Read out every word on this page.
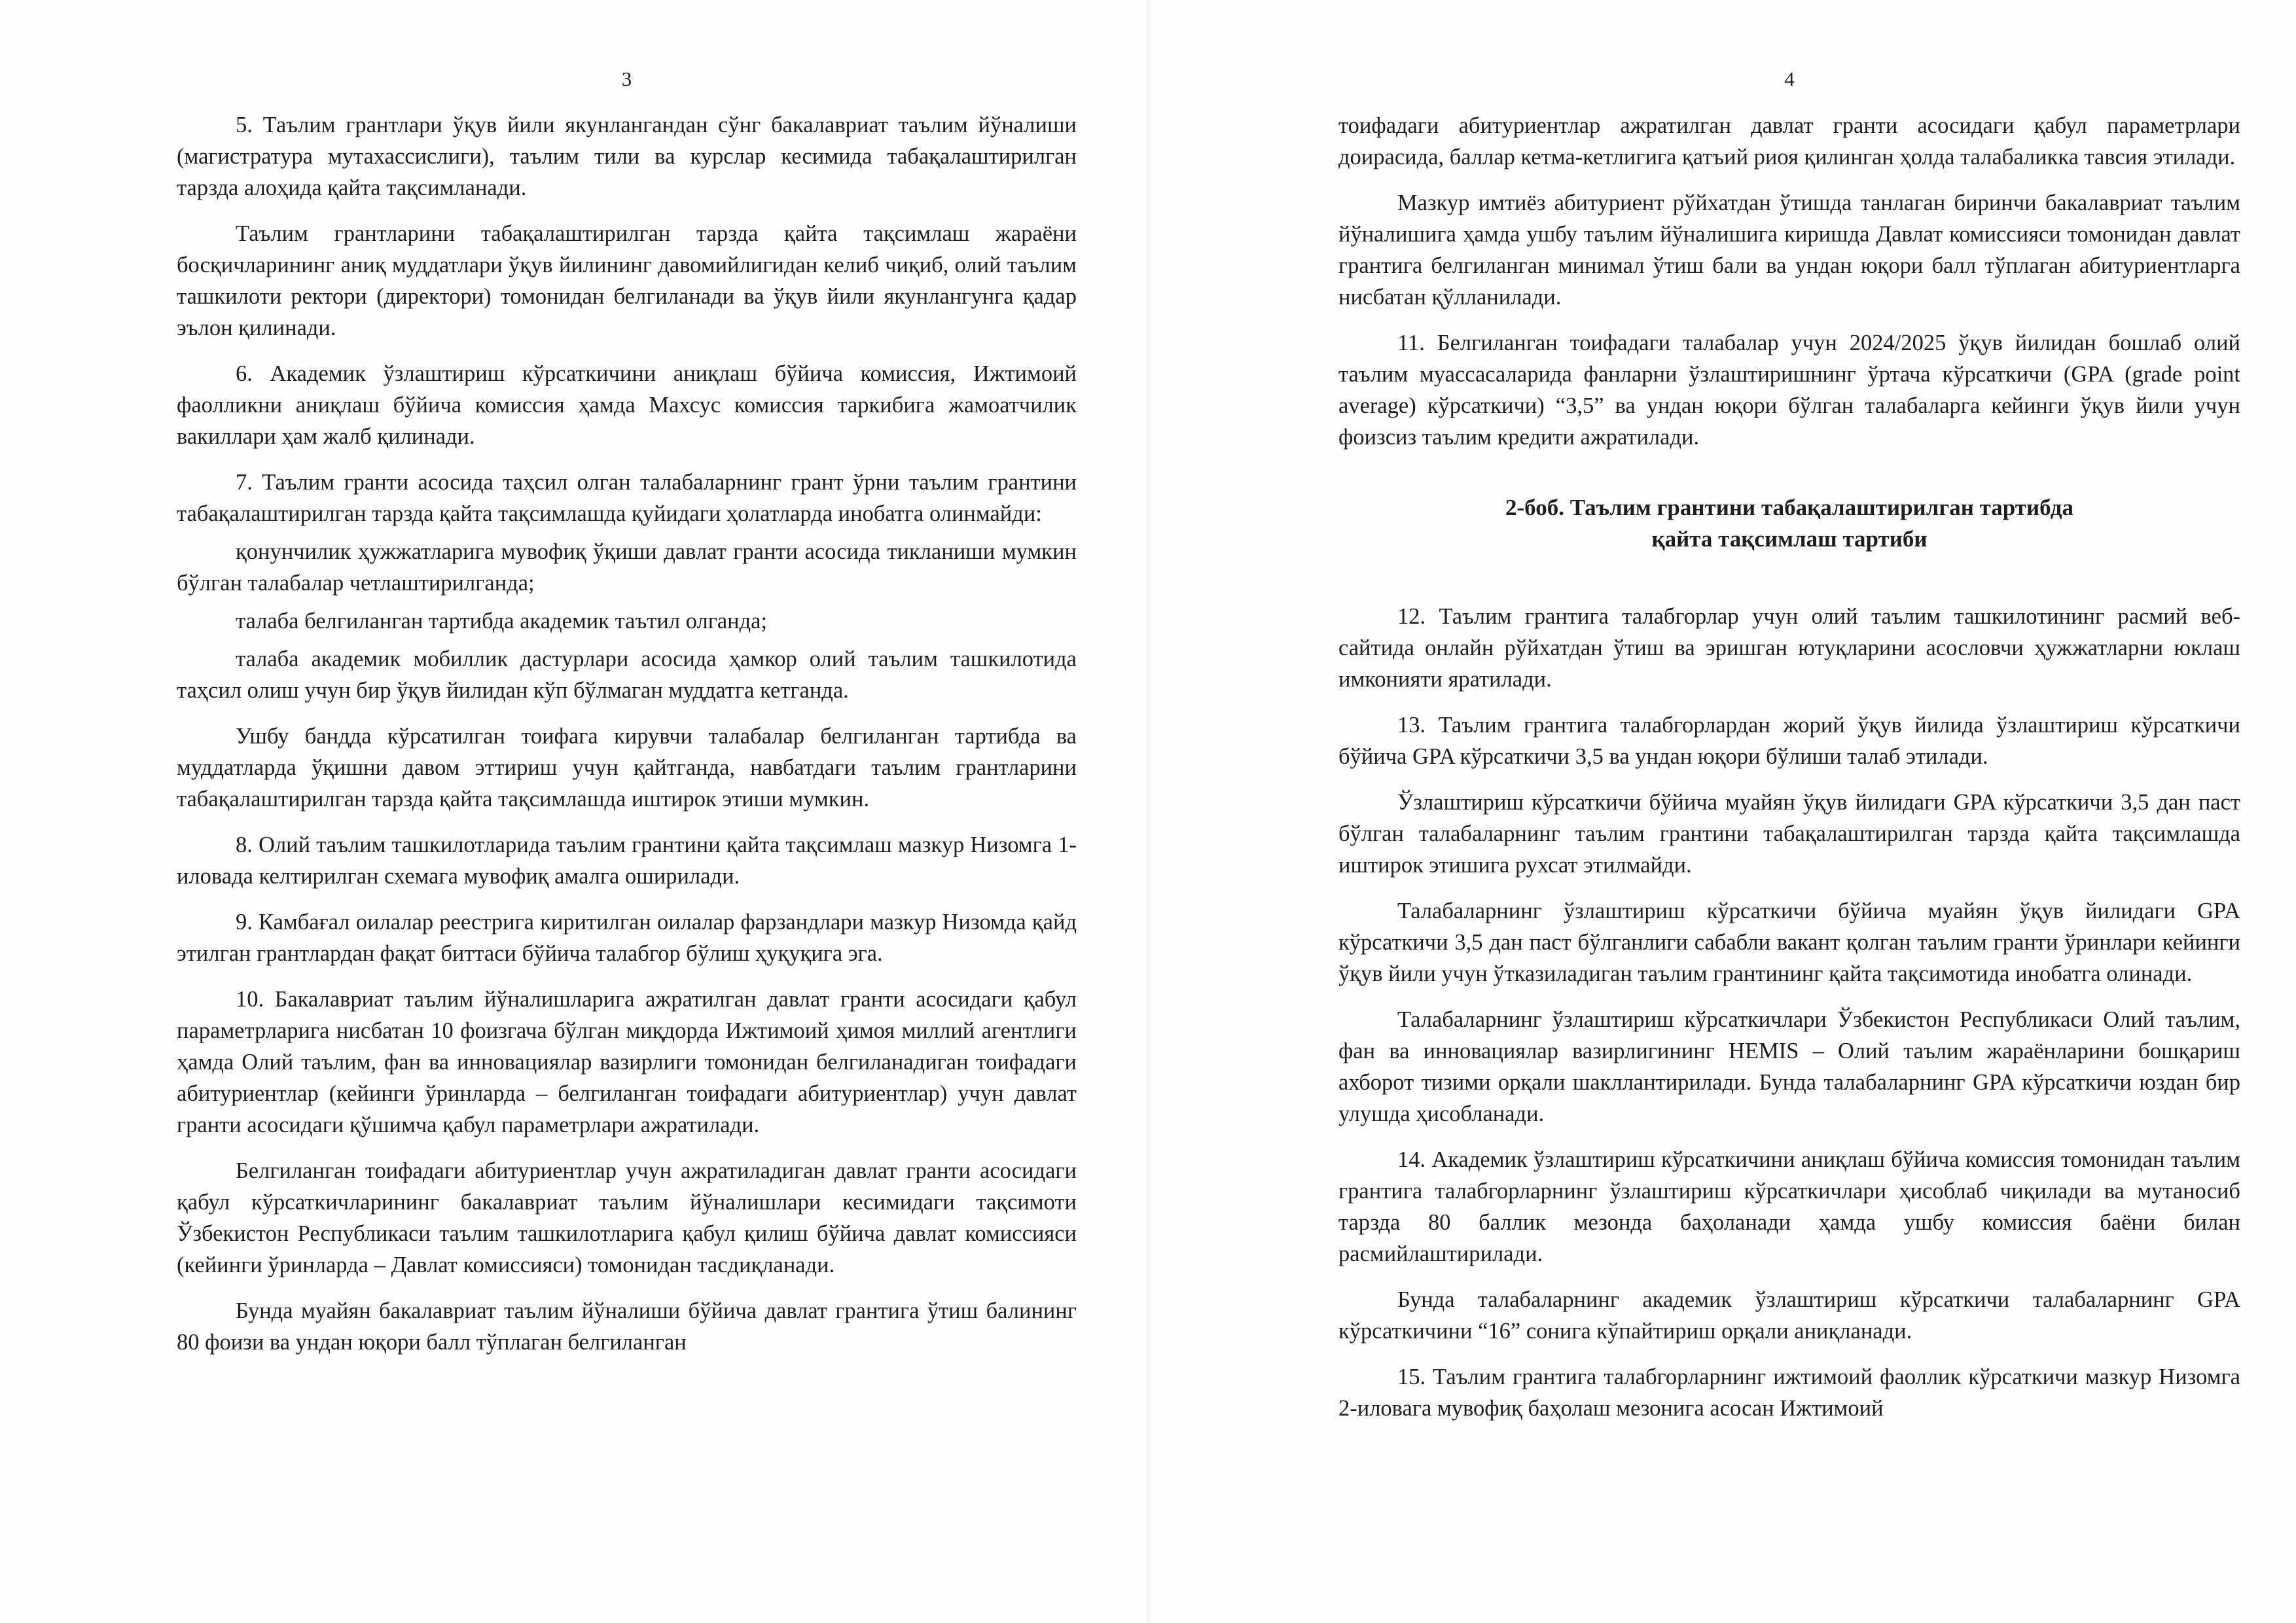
3

5. Таълим грантлари ўқув йили якунлангандан сўнг бакалавриат таълим йўналиши (магистратура мутахассислиги), таълим тили ва курслар кесимида табақалаштирилган тарзда алоҳида қайта тақсимланади.

Таълим грантларини табақалаштирилган тарзда қайта тақсимлаш жараёни босқичларининг аниқ муддатлари ўқув йилининг давомийлигидан келиб чиқиб, олий таълим ташкилоти ректори (директори) томонидан белгиланади ва ўқув йили якунлангунга қадар эълон қилинади.

6. Академик ўзлаштириш кўрсаткичини аниқлаш бўйича комиссия, Ижтимоий фаолликни аниқлаш бўйича комиссия ҳамда Махсус комиссия таркибига жамоатчилик вакиллари ҳам жалб қилинади.

7. Таълим гранти асосида таҳсил олган талабаларнинг грант ўрни таълим грантини табақалаштирилган тарзда қайта тақсимлашда қуйидаги ҳолатларда инобатга олинмайди:

қонунчилик ҳужжатларига мувофиқ ўқиши давлат гранти асосида тикланиши мумкин бўлган талабалар четлаштирилганда;

талаба белгиланган тартибда академик таътил олганда;

талаба академик мобиллик дастурлари асосида ҳамкор олий таълим ташкилотида таҳсил олиш учун бир ўқув йилидан кўп бўлмаган муддатга кетганда.

Ушбу бандда кўрсатилган тоифага кирувчи талабалар белгиланган тартибда ва муддатларда ўқишни давом эттириш учун қайтганда, навбатдаги таълим грантларини табақалаштирилган тарзда қайта тақсимлашда иштирок этиши мумкин.

8. Олий таълим ташкилотларида таълим грантини қайта тақсимлаш мазкур Низомга 1-иловада келтирилган схемага мувофиқ амалга оширилади.

9. Камбағал оилалар реестрига киритилган оилалар фарзандлари мазкур Низомда қайд этилган грантлардан фақат биттаси бўйича талабгор бўлиш ҳуқуқига эга.

10. Бакалавриат таълим йўналишларига ажратилган давлат гранти асосидаги қабул параметрларига нисбатан 10 фоизгача бўлган миқдорда Ижтимоий ҳимоя миллий агентлиги ҳамда Олий таълим, фан ва инновациялар вазирлиги томонидан белгиланадиган тоифадаги абитуриентлар (кейинги ўринларда – белгиланган тоифадаги абитуриентлар) учун давлат гранти асосидаги қўшимча қабул параметрлари ажратилади.

Белгиланган тоифадаги абитуриентлар учун ажратиладиган давлат гранти асосидаги қабул кўрсаткичларининг бакалавриат таълим йўналишлари кесимидаги тақсимоти Ўзбекистон Республикаси таълим ташкилотларига қабул қилиш бўйича давлат комиссияси (кейинги ўринларда – Давлат комиссияси) томонидан тасдиқланади.

Бунда муайян бакалавриат таълим йўналиши бўйича давлат грантига ўтиш балининг 80 фоизи ва ундан юқори балл тўплаган белгиланган

4

тоифадаги абитуриентлар ажратилган давлат гранти асосидаги қабул параметрлари доирасида, баллар кетма-кетлигига қатъий риоя қилинган ҳолда талабаликка тавсия этилади.

Мазкур имтиёз абитуриент рўйхатдан ўтишда танлаган биринчи бакалавриат таълим йўналишига ҳамда ушбу таълим йўналишига киришда Давлат комиссияси томонидан давлат грантига белгиланган минимал ўтиш бали ва ундан юқори балл тўплаган абитуриентларга нисбатан қўлланилади.

11. Белгиланган тоифадаги талабалар учун 2024/2025 ўқув йилидан бошлаб олий таълим муассасаларида фанларни ўзлаштиришнинг ўртача кўрсаткичи (GPA (grade point average) кўрсаткичи) “3,5” ва ундан юқори бўлган талабаларга кейинги ўқув йили учун фоизсиз таълим кредити ажратилади.

2-боб. Таълим грантини табақалаштирилган тартибда
қайта тақсимлаш тартиби

12. Таълим грантига талабгорлар учун олий таълим ташкилотининг расмий веб-сайтида онлайн рўйхатдан ўтиш ва эришган ютуқларини асословчи ҳужжатларни юклаш имконияти яратилади.

13. Таълим грантига талабгорлардан жорий ўқув йилида ўзлаштириш кўрсаткичи бўйича GPA кўрсаткичи 3,5 ва ундан юқори бўлиши талаб этилади.

Ўзлаштириш кўрсаткичи бўйича муайян ўқув йилидаги GPA кўрсаткичи 3,5 дан паст бўлган талабаларнинг таълим грантини табақалаштирилган тарзда қайта тақсимлашда иштирок этишига рухсат этилмайди.

Талабаларнинг ўзлаштириш кўрсаткичи бўйича муайян ўқув йилидаги GPA кўрсаткичи 3,5 дан паст бўлганлиги сабабли вакант қолган таълим гранти ўринлари кейинги ўқув йили учун ўтказиладиган таълим грантининг қайта тақсимотида инобатга олинади.

Талабаларнинг ўзлаштириш кўрсаткичлари Ўзбекистон Республикаси Олий таълим, фан ва инновациялар вазирлигининг HEMIS – Олий таълим жараёнларини бошқариш ахборот тизими орқали шакллантирилади. Бунда талабаларнинг GPA кўрсаткичи юздан бир улушда ҳисобланади.

14. Академик ўзлаштириш кўрсаткичини аниқлаш бўйича комиссия томонидан таълим грантига талабгорларнинг ўзлаштириш кўрсаткичлари ҳисоблаб чиқилади ва мутаносиб тарзда 80 баллик мезонда баҳоланади ҳамда ушбу комиссия баёни билан расмийлаштирилади.

Бунда талабаларнинг академик ўзлаштириш кўрсаткичи талабаларнинг GPA кўрсаткичини “16” сонига кўпайтириш орқали аниқланади.

15. Таълим грантига талабгорларнинг ижтимоий фаоллик кўрсаткичи мазкур Низомга 2-иловага мувофиқ баҳолаш мезонига асосан Ижтимоий
